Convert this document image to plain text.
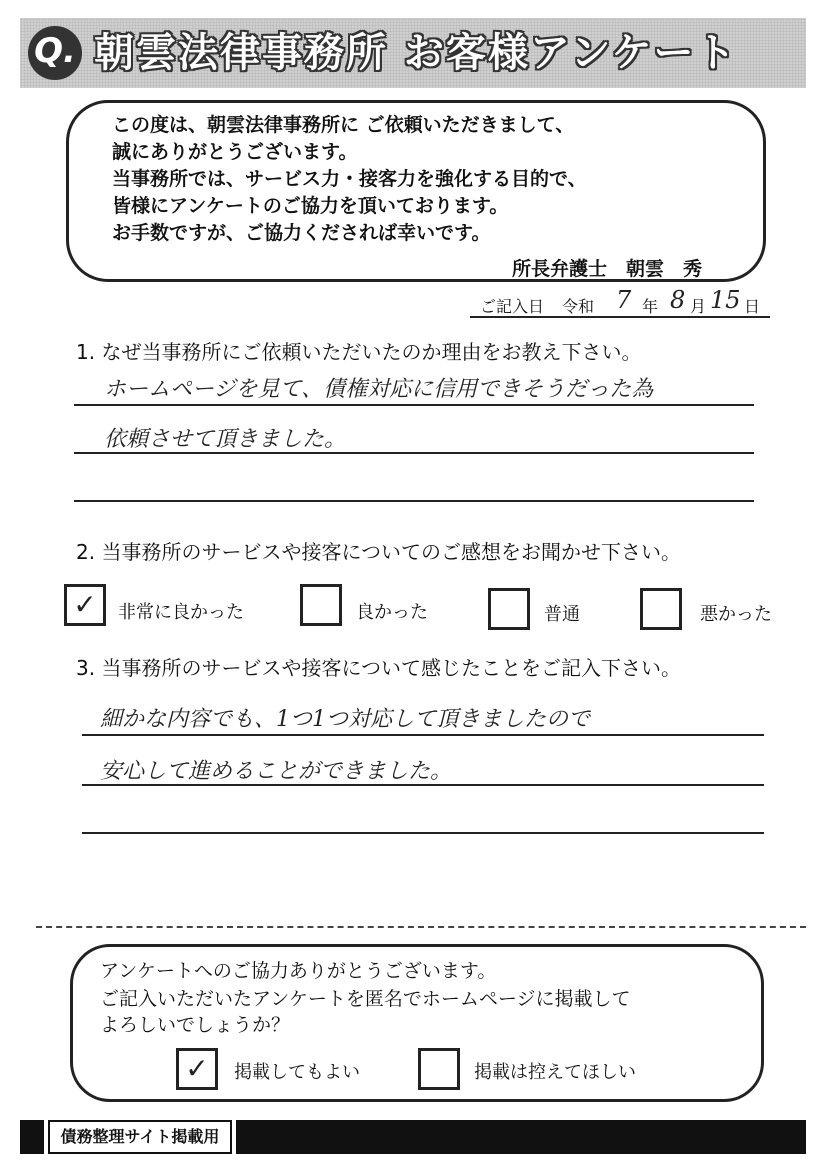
Q. 朝雲法律事務所 お客様アンケート
この度は、朝雲法律事務所に ご依頼いただきまして、
誠にありがとうございます。
当事務所では、サービス力・接客力を強化する目的で、
皆様にアンケートのご協力を頂いております。
お手数ですが、ご協力くだされば幸いです。
所長弁護士　朝雲　秀
ご記入日 令和 7 年 8 月 15 日
1. なぜ当事務所にご依頼いただいたのか理由をお教え下さい。
ホームページを見て、債権対応に信用できそうだった為
依頼させて頂きました。
2. 当事務所のサービスや接客についてのご感想をお聞かせ下さい。
✓	非常に良かった	良かった	普通	悪かった
3. 当事務所のサービスや接客について感じたことをご記入下さい。
細かな内容でも、1つ1つ対応して頂きましたので
安心して進めることができました。
アンケートへのご協力ありがとうございます。
ご記入いただいたアンケートを匿名でホームページに掲載して
よろしいでしょうか？
✓	掲載してもよい	掲載は控えてほしい
債務整理サイト掲載用
